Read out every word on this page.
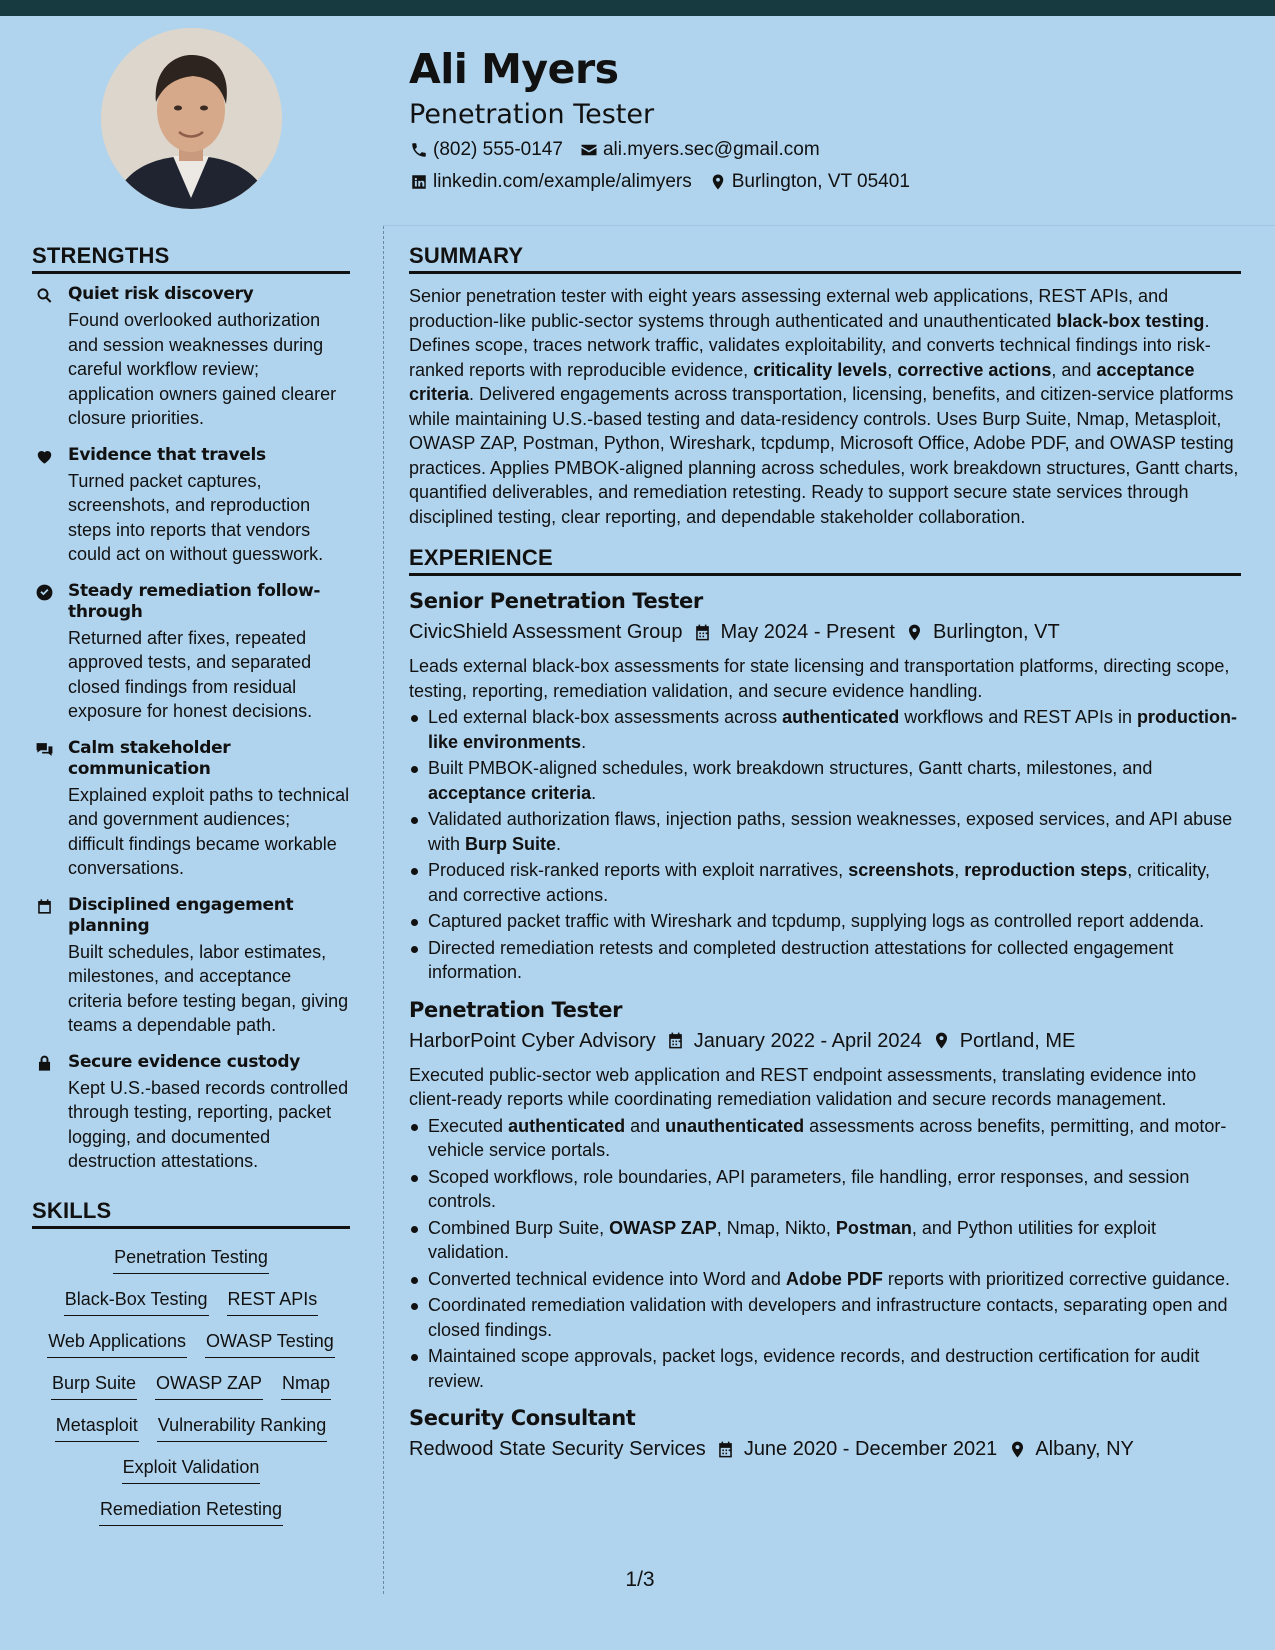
Ali Myers
Penetration Tester
(802) 555-0147 ali.myers.sec@gmail.com
linkedin.com/example/alimyers Burlington, VT 05401
STRENGTHS
Quiet risk discovery
Found overlooked authorization and session weaknesses during careful workflow review; application owners gained clearer closure priorities.
Evidence that travels
Turned packet captures, screenshots, and reproduction steps into reports that vendors could act on without guesswork.
Steady remediation follow-through
Returned after fixes, repeated approved tests, and separated closed findings from residual exposure for honest decisions.
Calm stakeholder communication
Explained exploit paths to technical and government audiences; difficult findings became workable conversations.
Disciplined engagement planning
Built schedules, labor estimates, milestones, and acceptance criteria before testing began, giving teams a dependable path.
Secure evidence custody
Kept U.S.-based records controlled through testing, reporting, packet logging, and documented destruction attestations.
SKILLS
Penetration Testing
Black-Box Testing REST APIs
Web Applications OWASP Testing
Burp Suite OWASP ZAP Nmap
Metasploit Vulnerability Ranking
Exploit Validation
Remediation Retesting
SUMMARY

Senior penetration tester with eight years assessing external web applications, REST APIs, and production-like public-sector systems through authenticated and unauthenticated black-box testing. Defines scope, traces network traffic, validates exploitability, and converts technical findings into risk-ranked reports with reproducible evidence, criticality levels, corrective actions, and acceptance criteria. Delivered engagements across transportation, licensing, benefits, and citizen-service platforms while maintaining U.S.-based testing and data-residency controls. Uses Burp Suite, Nmap, Metasploit, OWASP ZAP, Postman, Python, Wireshark, tcpdump, Microsoft Office, Adobe PDF, and OWASP testing practices. Applies PMBOK-aligned planning across schedules, work breakdown structures, Gantt charts, quantified deliverables, and remediation retesting. Ready to support secure state services through disciplined testing, clear reporting, and dependable stakeholder collaboration.

EXPERIENCE
Senior Penetration Tester
CivicShield Assessment Group May 2024 - Present Burlington, VT
Leads external black-box assessments for state licensing and transportation platforms, directing scope, testing, reporting, remediation validation, and secure evidence handling.
Led external black-box assessments across authenticated workflows and REST APIs in production-like environments.
Built PMBOK-aligned schedules, work breakdown structures, Gantt charts, milestones, and acceptance criteria.
Validated authorization flaws, injection paths, session weaknesses, exposed services, and API abuse with Burp Suite.
Produced risk-ranked reports with exploit narratives, screenshots, reproduction steps, criticality, and corrective actions.
Captured packet traffic with Wireshark and tcpdump, supplying logs as controlled report addenda.
Directed remediation retests and completed destruction attestations for collected engagement information.
Penetration Tester
HarborPoint Cyber Advisory January 2022 - April 2024 Portland, ME
Executed public-sector web application and REST endpoint assessments, translating evidence into client-ready reports while coordinating remediation validation and secure records management.
Executed authenticated and unauthenticated assessments across benefits, permitting, and motor-vehicle service portals.
Scoped workflows, role boundaries, API parameters, file handling, error responses, and session controls.
Combined Burp Suite, OWASP ZAP, Nmap, Nikto, Postman, and Python utilities for exploit validation.
Converted technical evidence into Word and Adobe PDF reports with prioritized corrective guidance.
Coordinated remediation validation with developers and infrastructure contacts, separating open and closed findings.
Maintained scope approvals, packet logs, evidence records, and destruction certification for audit review.
Security Consultant
Redwood State Security Services June 2020 - December 2021 Albany, NY
1/3
